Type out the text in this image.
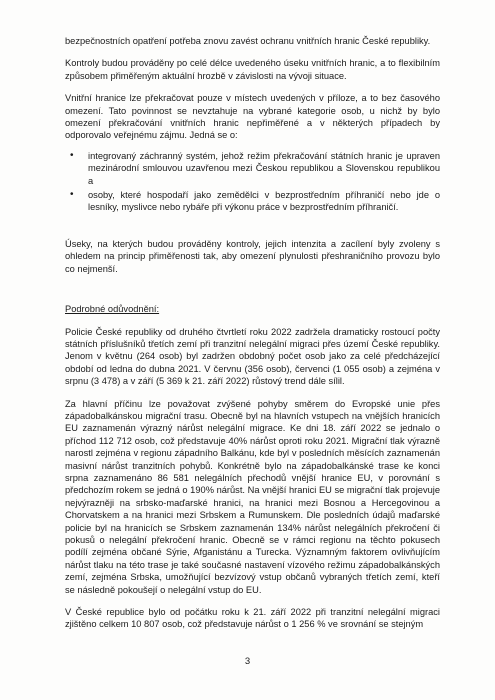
bezpečnostních opatření potřeba znovu zavést ochranu vnitřních hranic České republiky.

Kontroly budou prováděny po celé délce uvedeného úseku vnitřních hranic, a to flexibilním způsobem přiměřeným aktuální hrozbě v závislosti na vývoji situace.

Vnitřní hranice lze překračovat pouze v místech uvedených v příloze, a to bez časového omezení. Tato povinnost se nevztahuje na vybrané kategorie osob, u nichž by bylo omezení překračování vnitřních hranic nepřiměřené a v některých případech by odporovalo veřejnému zájmu. Jedná se o:

• integrovaný záchranný systém, jehož režim překračování státních hranic je upraven mezinárodní smlouvou uzavřenou mezi Českou republikou a Slovenskou republikou a
• osoby, které hospodaří jako zemědělci v bezprostředním příhraničí nebo jde o lesníky, myslivce nebo rybáře při výkonu práce v bezprostředním příhraničí.

Úseky, na kterých budou prováděny kontroly, jejich intenzita a zacílení byly zvoleny s ohledem na princip přiměřenosti tak, aby omezení plynulosti přeshraničního provozu bylo co nejmenší.

Podrobné odůvodnění:

Policie České republiky od druhého čtvrtletí roku 2022 zadržela dramaticky rostoucí počty státních příslušníků třetích zemí při tranzitní nelegální migraci přes území České republiky. Jenom v květnu (264 osob) byl zadržen obdobný počet osob jako za celé předcházející období od ledna do dubna 2021. V červnu (356 osob), červenci (1 055 osob) a zejména v srpnu (3 478) a v září (5 369 k 21. září 2022) růstový trend dále sílil.

Za hlavní příčinu lze považovat zvýšené pohyby směrem do Evropské unie přes západobalkánskou migrační trasu. Obecně byl na hlavních vstupech na vnějších hranicích EU zaznamenán výrazný nárůst nelegální migrace. Ke dni 18. září 2022 se jednalo o příchod 112 712 osob, což představuje 40% nárůst oproti roku 2021. Migrační tlak výrazně narostl zejména v regionu západního Balkánu, kde byl v posledních měsících zaznamenán masivní nárůst tranzitních pohybů. Konkrétně bylo na západobalkánské trase ke konci srpna zaznamenáno 86 581 nelegálních přechodů vnější hranice EU, v porovnání s předchozím rokem se jedná o 190% nárůst. Na vnější hranici EU se migrační tlak projevuje nejvýrazněji na srbsko-maďarské hranici, na hranici mezi Bosnou a Hercegovinou a Chorvatskem a na hranici mezi Srbskem a Rumunskem. Dle posledních údajů maďarské policie byl na hranicích se Srbskem zaznamenán 134% nárůst nelegálních překročení či pokusů o nelegální překročení hranic. Obecně se v rámci regionu na těchto pokusech podílí zejména občané Sýrie, Afganistánu a Turecka. Významným faktorem ovlivňujícím nárůst tlaku na této trase je také současné nastavení vízového režimu západobalkánských zemí, zejména Srbska, umožňující bezvízový vstup občanů vybraných třetích zemí, kteří se následně pokoušejí o nelegální vstup do EU.

V České republice bylo od počátku roku k 21. září 2022 při tranzitní nelegální migraci zjištěno celkem 10 807 osob, což představuje nárůst o 1 256 % ve srovnání se stejným

3
